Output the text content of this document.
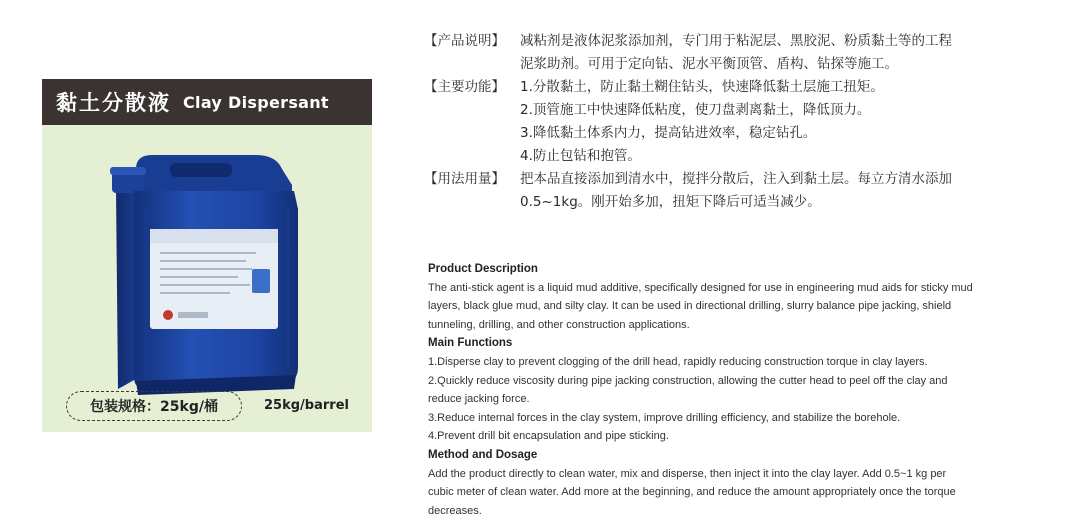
黏土分散液 Clay Dispersant
包装规格：25kg/桶	25kg/barrel
【产品说明】	减粘剂是液体泥浆添加剂，专门用于粘泥层、黑胶泥、粉质黏土等的工程
泥浆助剂。可用于定向钻、泥水平衡顶管、盾构、钻探等施工。
【主要功能】	1.分散黏土，防止黏土糊住钻头，快速降低黏土层施工扭矩。
2.顶管施工中快速降低粘度，使刀盘剥离黏土，降低顶力。
3.降低黏土体系内力，提高钻进效率，稳定钻孔。
4.防止包钻和抱管。
【用法用量】	把本品直接添加到清水中，搅拌分散后，注入到黏土层。每立方清水添加
0.5~1kg。刚开始多加，扭矩下降后可适当减少。
Product Description
The anti-stick agent is a liquid mud additive, specifically designed for use in engineering mud aids for sticky mud
layers, black glue mud, and silty clay. It can be used in directional drilling, slurry balance pipe jacking, shield
tunneling, drilling, and other construction applications.
Main Functions
1.Disperse clay to prevent clogging of the drill head, rapidly reducing construction torque in clay layers.
2.Quickly reduce viscosity during pipe jacking construction, allowing the cutter head to peel off the clay and
reduce jacking force.
3.Reduce internal forces in the clay system, improve drilling efficiency, and stabilize the borehole.
4.Prevent drill bit encapsulation and pipe sticking.
Method and Dosage
Add the product directly to clean water, mix and disperse, then inject it into the clay layer. Add 0.5~1 kg per
cubic meter of clean water. Add more at the beginning, and reduce the amount appropriately once the torque
decreases.
